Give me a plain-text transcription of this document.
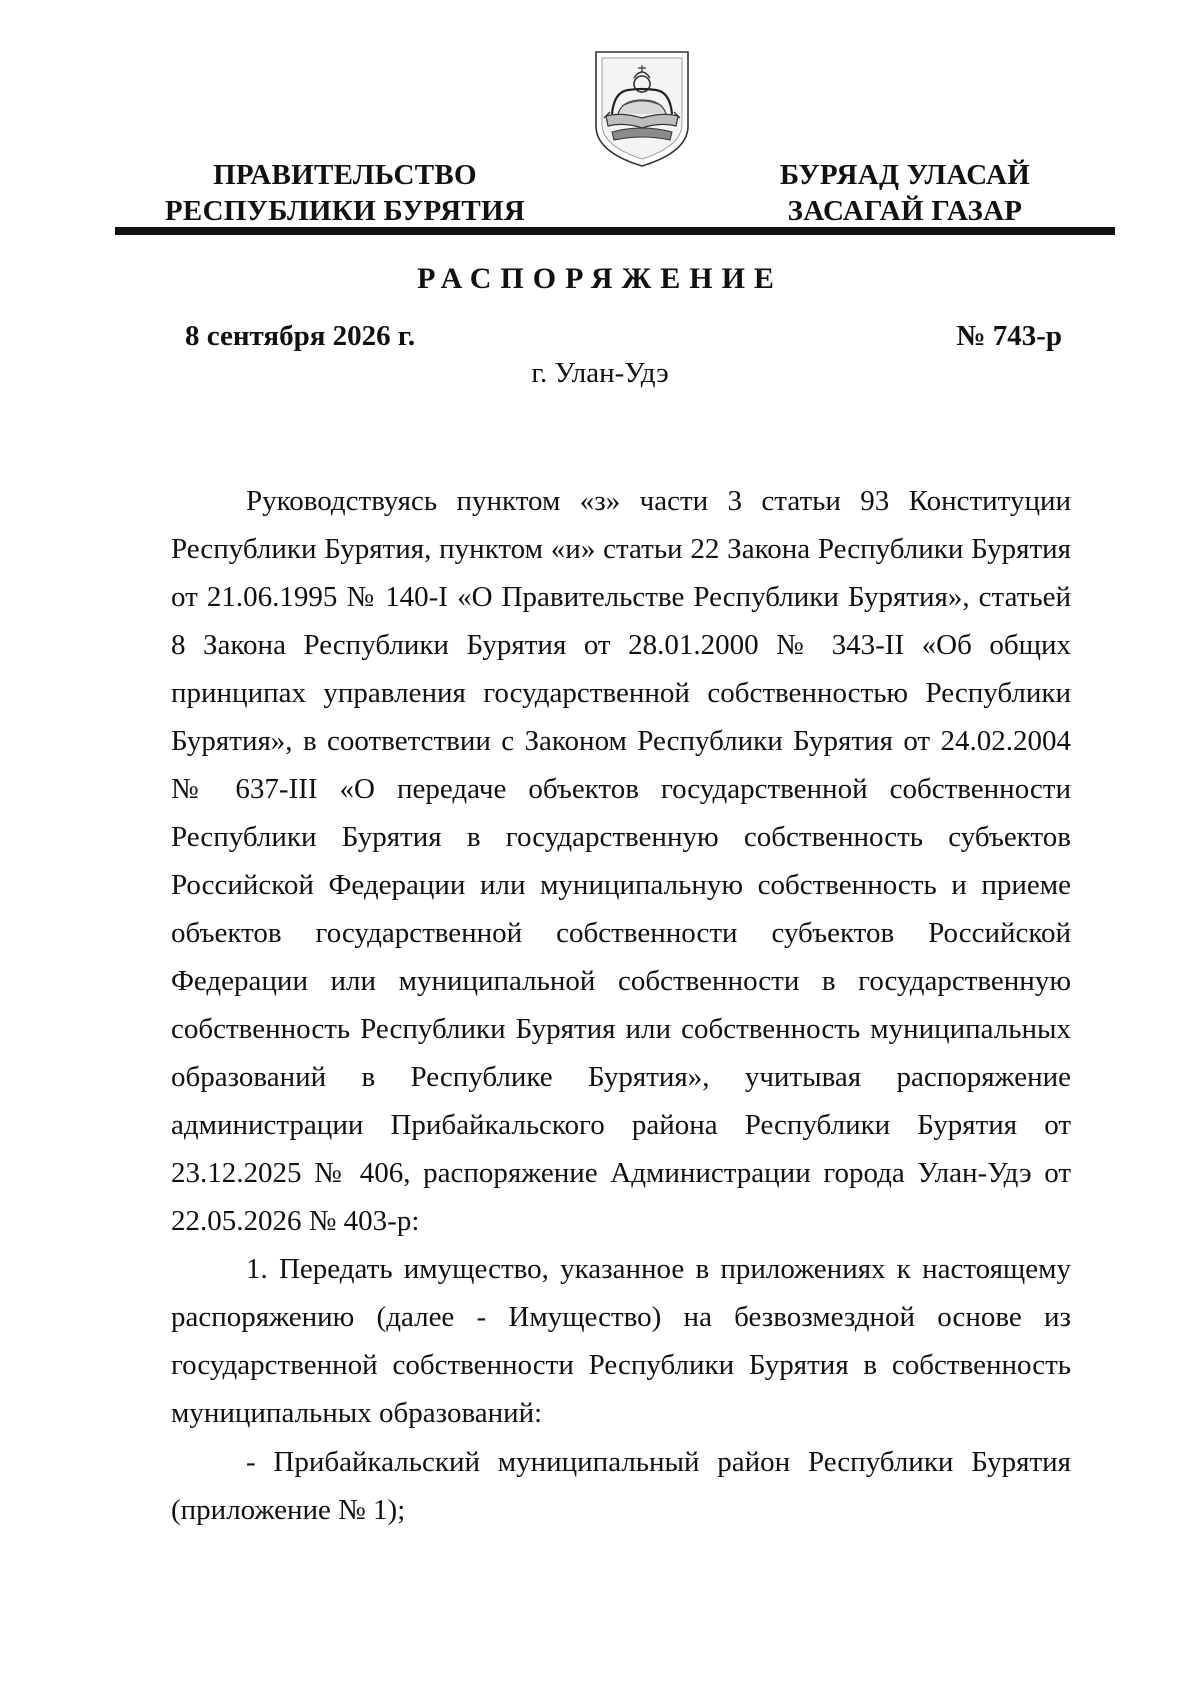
ПРАВИТЕЛЬСТВО
РЕСПУБЛИКИ БУРЯТИЯ
БУРЯАД УЛАСАЙ
ЗАСАГАЙ ГАЗАР
РАСПОРЯЖЕНИЕ
8 сентября 2026 г.	№ 743-р
г. Улан-Удэ

Руководствуясь пунктом «з» части 3 статьи 93 Конституции Республики Бурятия, пунктом «и» статьи 22 Закона Республики Бурятия от 21.06.1995 № 140-I «О Правительстве Республики Бурятия», статьей 8 Закона Республики Бурятия от 28.01.2000 № 343-II «Об общих принципах управления государственной собственностью Республики Бурятия», в соответствии с Законом Республики Бурятия от 24.02.2004 № 637-III «О передаче объектов государственной собственности Республики Бурятия в государственную собственность субъектов Российской Федерации или муниципальную собственность и приеме объектов государственной собственности субъектов Российской Федерации или муниципальной собственности в государственную собственность Республики Бурятия или собственность муниципальных образований в Республике Бурятия», учитывая распоряжение администрации Прибайкальского района Республики Бурятия от 23.12.2025 № 406, распоряжение Администрации города Улан-Удэ от 22.05.2026 № 403-р:

1. Передать имущество, указанное в приложениях к настоящему распоряжению (далее - Имущество) на безвозмездной основе из государственной собственности Республики Бурятия в собственность муниципальных образований:

- Прибайкальский муниципальный район Республики Бурятия (приложение № 1);
